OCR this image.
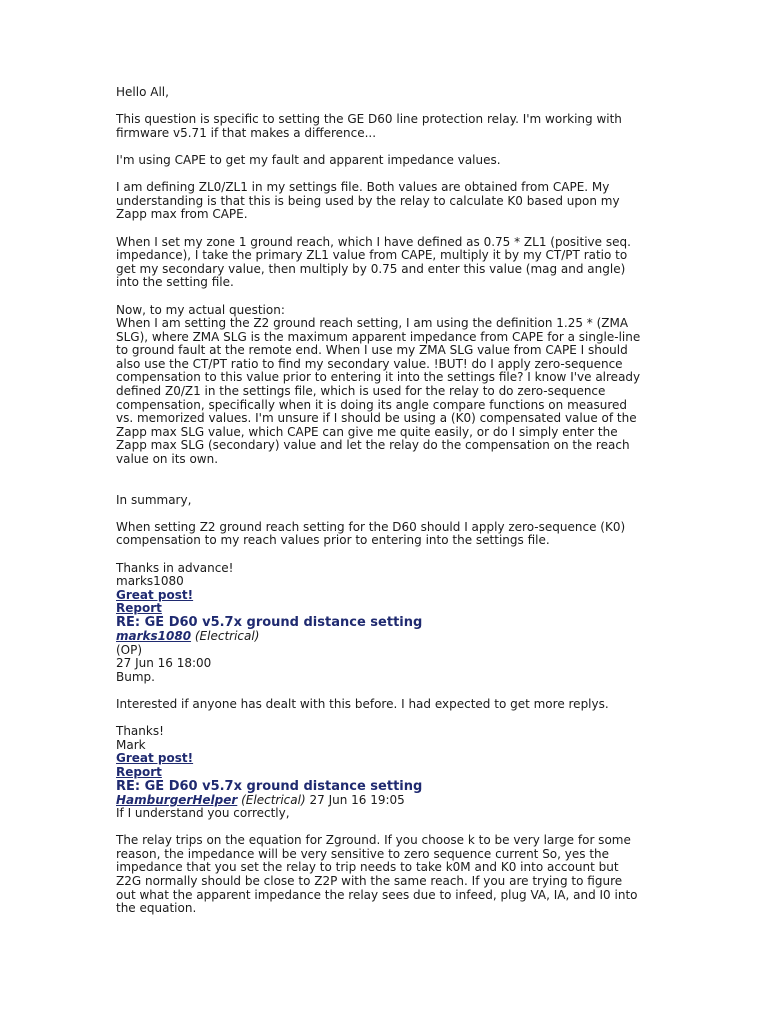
Hello All,
This question is specific to setting the GE D60 line protection relay. I'm working with
firmware v5.71 if that makes a difference...
I'm using CAPE to get my fault and apparent impedance values.
I am defining ZL0/ZL1 in my settings file. Both values are obtained from CAPE. My
understanding is that this is being used by the relay to calculate K0 based upon my
Zapp max from CAPE.
When I set my zone 1 ground reach, which I have defined as 0.75 * ZL1 (positive seq.
impedance), I take the primary ZL1 value from CAPE, multiply it by my CT/PT ratio to
get my secondary value, then multiply by 0.75 and enter this value (mag and angle)
into the setting file.
Now, to my actual question:
When I am setting the Z2 ground reach setting, I am using the definition 1.25 * (ZMA
SLG), where ZMA SLG is the maximum apparent impedance from CAPE for a single-line
to ground fault at the remote end. When I use my ZMA SLG value from CAPE I should
also use the CT/PT ratio to find my secondary value. !BUT! do I apply zero-sequence
compensation to this value prior to entering it into the settings file? I know I've already
defined Z0/Z1 in the settings file, which is used for the relay to do zero-sequence
compensation, specifically when it is doing its angle compare functions on measured
vs. memorized values. I'm unsure if I should be using a (K0) compensated value of the
Zapp max SLG value, which CAPE can give me quite easily, or do I simply enter the
Zapp max SLG (secondary) value and let the relay do the compensation on the reach
value on its own.
In summary,
When setting Z2 ground reach setting for the D60 should I apply zero-sequence (K0)
compensation to my reach values prior to entering into the settings file.
Thanks in advance!
marks1080
Great post!
Report
RE: GE D60 v5.7x ground distance setting
marks1080 (Electrical)
(OP)
27 Jun 16 18:00
Bump.
Interested if anyone has dealt with this before. I had expected to get more replys.
Thanks!
Mark
Great post!
Report
RE: GE D60 v5.7x ground distance setting
HamburgerHelper (Electrical) 27 Jun 16 19:05
If I understand you correctly,
The relay trips on the equation for Zground. If you choose k to be very large for some
reason, the impedance will be very sensitive to zero sequence current So, yes the
impedance that you set the relay to trip needs to take k0M and K0 into account but
Z2G normally should be close to Z2P with the same reach. If you are trying to figure
out what the apparent impedance the relay sees due to infeed, plug VA, IA, and I0 into
the equation.
